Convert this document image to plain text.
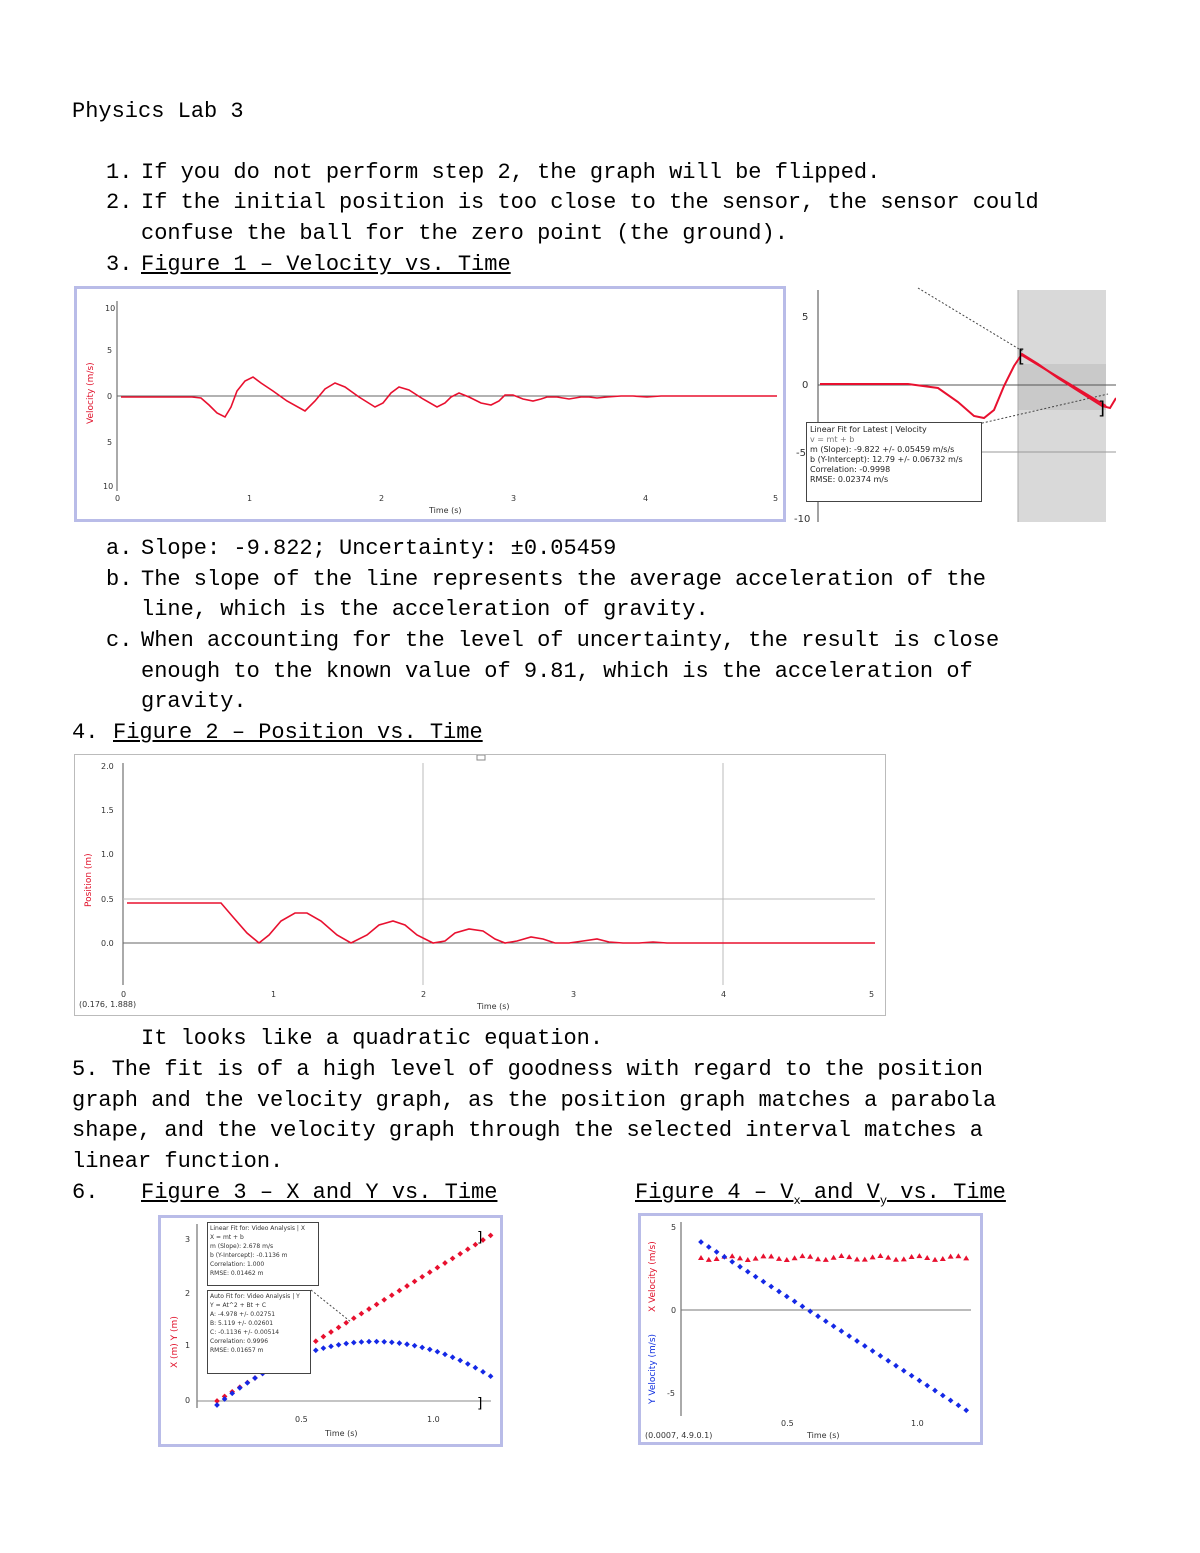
Physics Lab 3
1. If you do not perform step 2, the graph will be flipped.
2. If the initial position is too close to the sensor, the sensor could
confuse the ball for the zero point (the ground).
3. Figure 1 – Velocity vs. Time
10
5
0
5
10
0	1	2	3	4	5
Time (s)
Velocity (m/s)
5
0
-5
-10
[
]
Linear Fit for Latest | Velocity
v = mt + b
m (Slope): -9.822 +/- 0.05459 m/s/s
b (Y-Intercept): 12.79 +/- 0.06732 m/s
Correlation: -0.9998
RMSE: 0.02374 m/s
a. Slope: -9.822; Uncertainty: ±0.05459
b. The slope of the line represents the average acceleration of the
line, which is the acceleration of gravity.
c. When accounting for the level of uncertainty, the result is close
enough to the known value of 9.81, which is the acceleration of
gravity.
4. Figure 2 – Position vs. Time
2.0
1.5
1.0
0.5
0.0
0	1	2	3	4	5
Time (s)
(0.176, 1.888)
Position (m)
It looks like a quadratic equation.
5. The fit is of a high level of goodness with regard to the position
graph and the velocity graph, as the position graph matches a parabola
shape, and the velocity graph through the selected interval matches a
linear function.
6. Figure 3 – X and Y vs. Time	Figure $4 - V_x$ and $V_y$ vs. Time
3
2
1
0
0.5	1.0
Time (s)
X (m) Y (m)
]
]
Linear Fit for: Video Analysis | X
X = mt + b
m (Slope): 2.678 m/s
b (Y-Intercept): -0.1136 m
Correlation: 1.000
RMSE: 0.01462 m
Auto Fit for: Video Analysis | Y
Y = At^2 + Bt + C
A: -4.978 +/- 0.02751
B: 5.119 +/- 0.02601
C: -0.1136 +/- 0.00514
Correlation: 0.9996
RMSE: 0.01657 m
5
0
-5
0.5	1.0
Time (s)
(0.0007, 4.9.0.1)
X Velocity (m/s)
Y Velocity (m/s)
